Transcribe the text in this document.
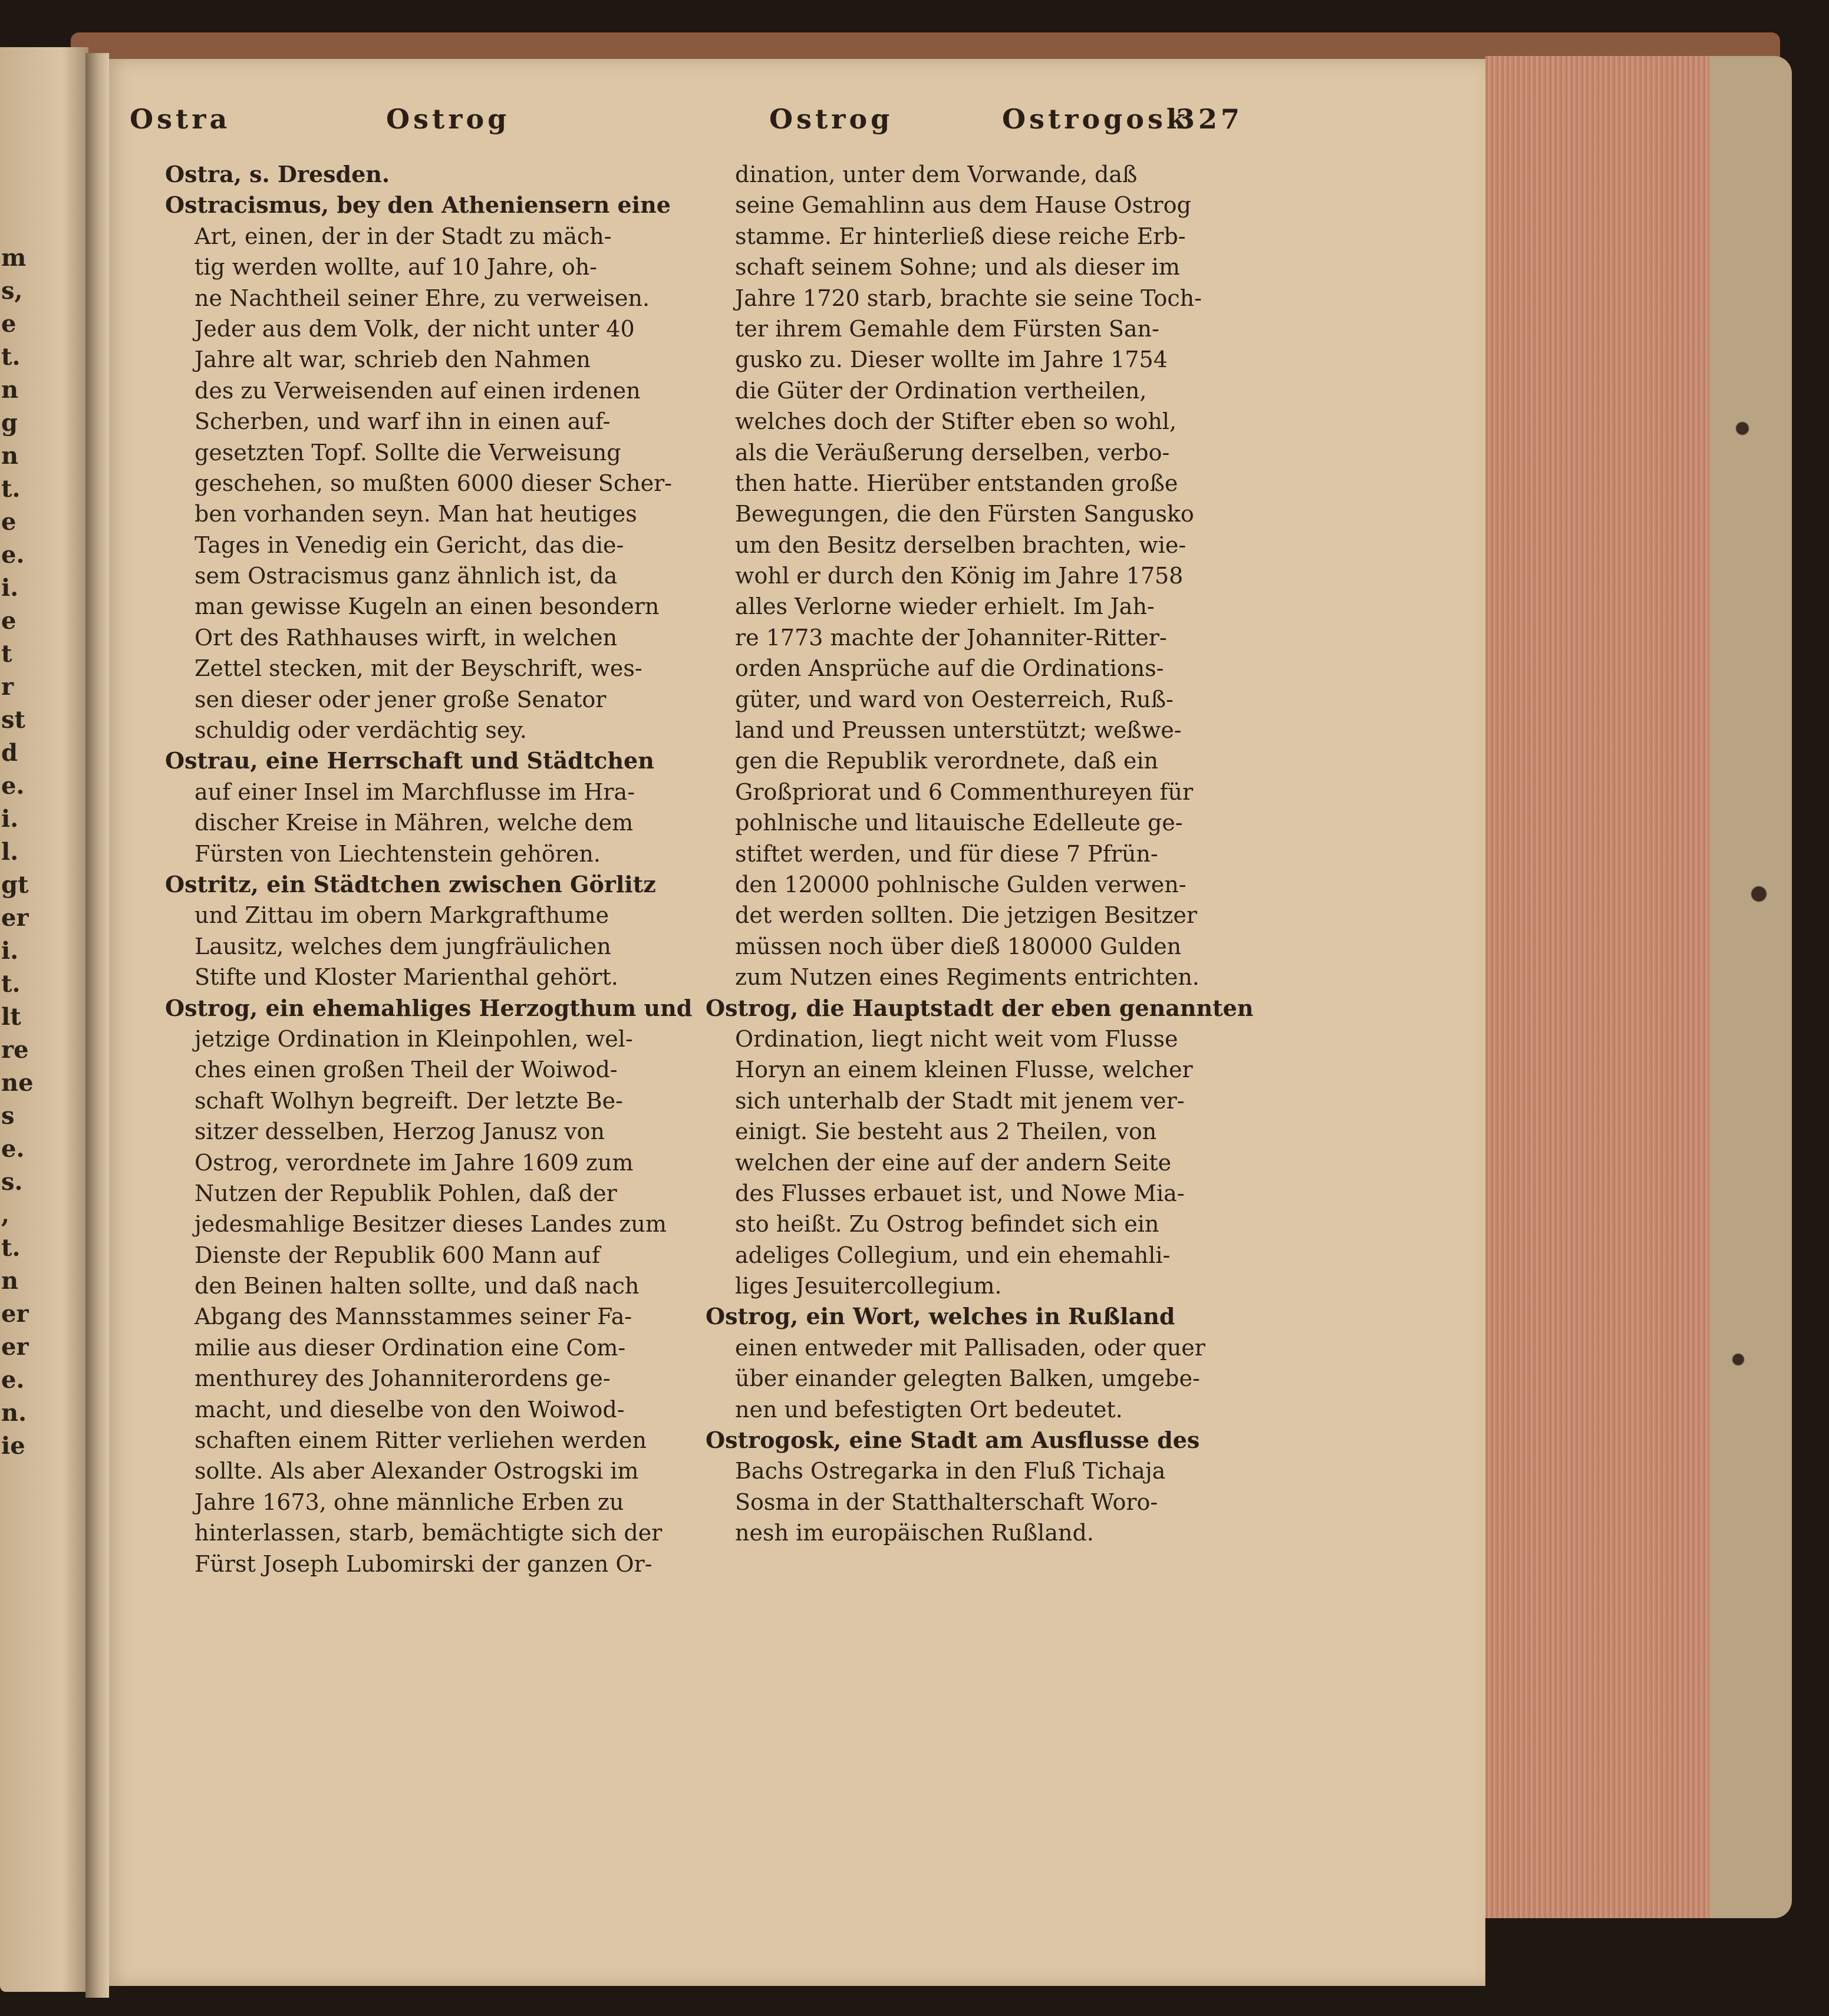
m
s,
e
t.
n
g
n
t.
e
e.
i.
e
t
r
st
d
e.
i.
l.
gt
er
i.
t.
lt
re
ne
s
e.
s.
,
t.
n
er
er
e.
n.
ie
Ostra	Ostrog	Ostrog	Ostrogosk
327
Ostra, s. Dresden.
Ostracismus, bey den Atheniensern eine
Art, einen, der in der Stadt zu mäch-
tig werden wollte, auf 10 Jahre, oh-
ne Nachtheil seiner Ehre, zu verweisen.
Jeder aus dem Volk, der nicht unter 40
Jahre alt war, schrieb den Nahmen
des zu Verweisenden auf einen irdenen
Scherben, und warf ihn in einen auf-
gesetzten Topf. Sollte die Verweisung
geschehen, so mußten 6000 dieser Scher-
ben vorhanden seyn. Man hat heutiges
Tages in Venedig ein Gericht, das die-
sem Ostracismus ganz ähnlich ist, da
man gewisse Kugeln an einen besondern
Ort des Rathhauses wirft, in welchen
Zettel stecken, mit der Beyschrift, wes-
sen dieser oder jener große Senator
schuldig oder verdächtig sey.
Ostrau, eine Herrschaft und Städtchen
auf einer Insel im Marchflusse im Hra-
discher Kreise in Mähren, welche dem
Fürsten von Liechtenstein gehören.
Ostritz, ein Städtchen zwischen Görlitz
und Zittau im obern Markgrafthume
Lausitz, welches dem jungfräulichen
Stifte und Kloster Marienthal gehört.
Ostrog, ein ehemahliges Herzogthum und
jetzige Ordination in Kleinpohlen, wel-
ches einen großen Theil der Woiwod-
schaft Wolhyn begreift. Der letzte Be-
sitzer desselben, Herzog Janusz von
Ostrog, verordnete im Jahre 1609 zum
Nutzen der Republik Pohlen, daß der
jedesmahlige Besitzer dieses Landes zum
Dienste der Republik 600 Mann auf
den Beinen halten sollte, und daß nach
Abgang des Mannsstammes seiner Fa-
milie aus dieser Ordination eine Com-
menthurey des Johanniterordens ge-
macht, und dieselbe von den Woiwod-
schaften einem Ritter verliehen werden
sollte. Als aber Alexander Ostrogski im
Jahre 1673, ohne männliche Erben zu
hinterlassen, starb, bemächtigte sich der
Fürst Joseph Lubomirski der ganzen Or-
dination, unter dem Vorwande, daß
seine Gemahlinn aus dem Hause Ostrog
stamme. Er hinterließ diese reiche Erb-
schaft seinem Sohne; und als dieser im
Jahre 1720 starb, brachte sie seine Toch-
ter ihrem Gemahle dem Fürsten San-
gusko zu. Dieser wollte im Jahre 1754
die Güter der Ordination vertheilen,
welches doch der Stifter eben so wohl,
als die Veräußerung derselben, verbo-
then hatte. Hierüber entstanden große
Bewegungen, die den Fürsten Sangusko
um den Besitz derselben brachten, wie-
wohl er durch den König im Jahre 1758
alles Verlorne wieder erhielt. Im Jah-
re 1773 machte der Johanniter-Ritter-
orden Ansprüche auf die Ordinations-
güter, und ward von Oesterreich, Ruß-
land und Preussen unterstützt; weßwe-
gen die Republik verordnete, daß ein
Großpriorat und 6 Commenthureyen für
pohlnische und litauische Edelleute ge-
stiftet werden, und für diese 7 Pfrün-
den 120000 pohlnische Gulden verwen-
det werden sollten. Die jetzigen Besitzer
müssen noch über dieß 180000 Gulden
zum Nutzen eines Regiments entrichten.
Ostrog, die Hauptstadt der eben genannten
Ordination, liegt nicht weit vom Flusse
Horyn an einem kleinen Flusse, welcher
sich unterhalb der Stadt mit jenem ver-
einigt. Sie besteht aus 2 Theilen, von
welchen der eine auf der andern Seite
des Flusses erbauet ist, und Nowe Mia-
sto heißt. Zu Ostrog befindet sich ein
adeliges Collegium, und ein ehemahli-
liges Jesuitercollegium.
Ostrog, ein Wort, welches in Rußland
einen entweder mit Pallisaden, oder quer
über einander gelegten Balken, umgebe-
nen und befestigten Ort bedeutet.
Ostrogosk, eine Stadt am Ausflusse des
Bachs Ostregarka in den Fluß Tichaja
Sosma in der Statthalterschaft Woro-
nesh im europäischen Rußland.
